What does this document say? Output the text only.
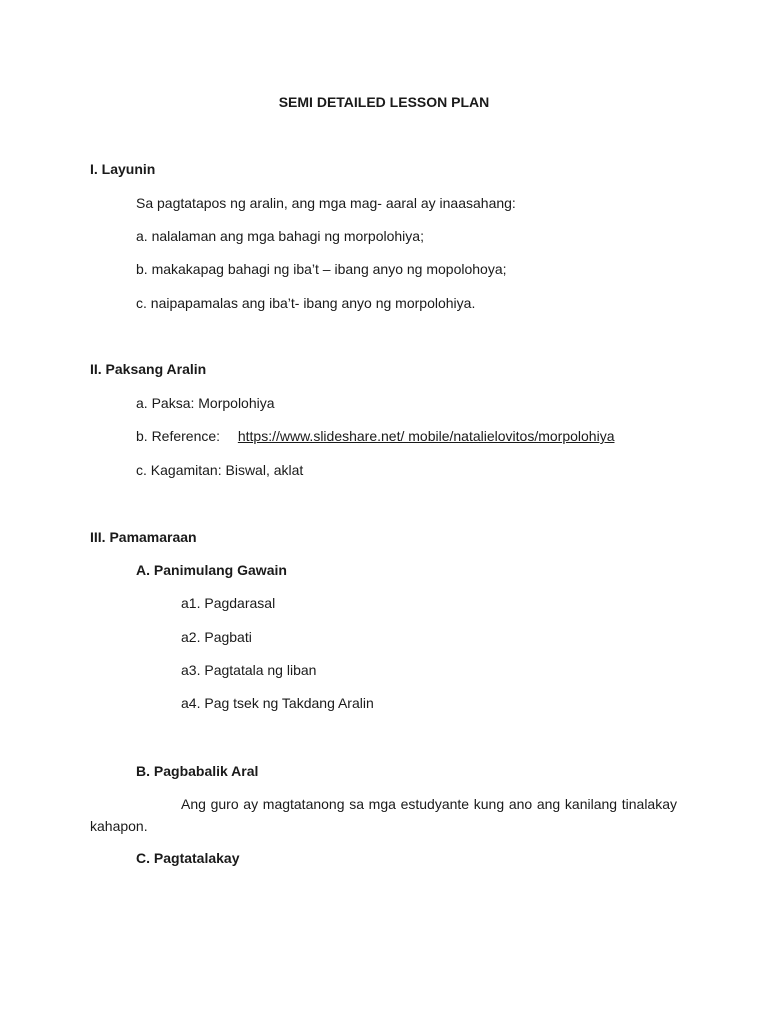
SEMI DETAILED LESSON PLAN
I. Layunin
Sa pagtatapos ng aralin, ang mga mag- aaral ay inaasahang:
a. nalalaman ang mga bahagi ng morpolohiya;
b. makakapag bahagi ng iba’t – ibang anyo ng mopolohoya;
c. naipapamalas ang iba’t- ibang anyo ng morpolohiya.
II. Paksang Aralin
a. Paksa: Morpolohiya
b. Reference: https://www.slideshare.net/ mobile/natalielovitos/morpolohiya
c. Kagamitan: Biswal, aklat
III. Pamamaraan
A. Panimulang Gawain
a1. Pagdarasal
a2. Pagbati
a3. Pagtatala ng liban
a4. Pag tsek ng Takdang Aralin
B. Pagbabalik Aral
Ang guro ay magtatanong sa mga estudyante kung ano ang kanilang tinalakay kahapon.
C. Pagtatalakay
